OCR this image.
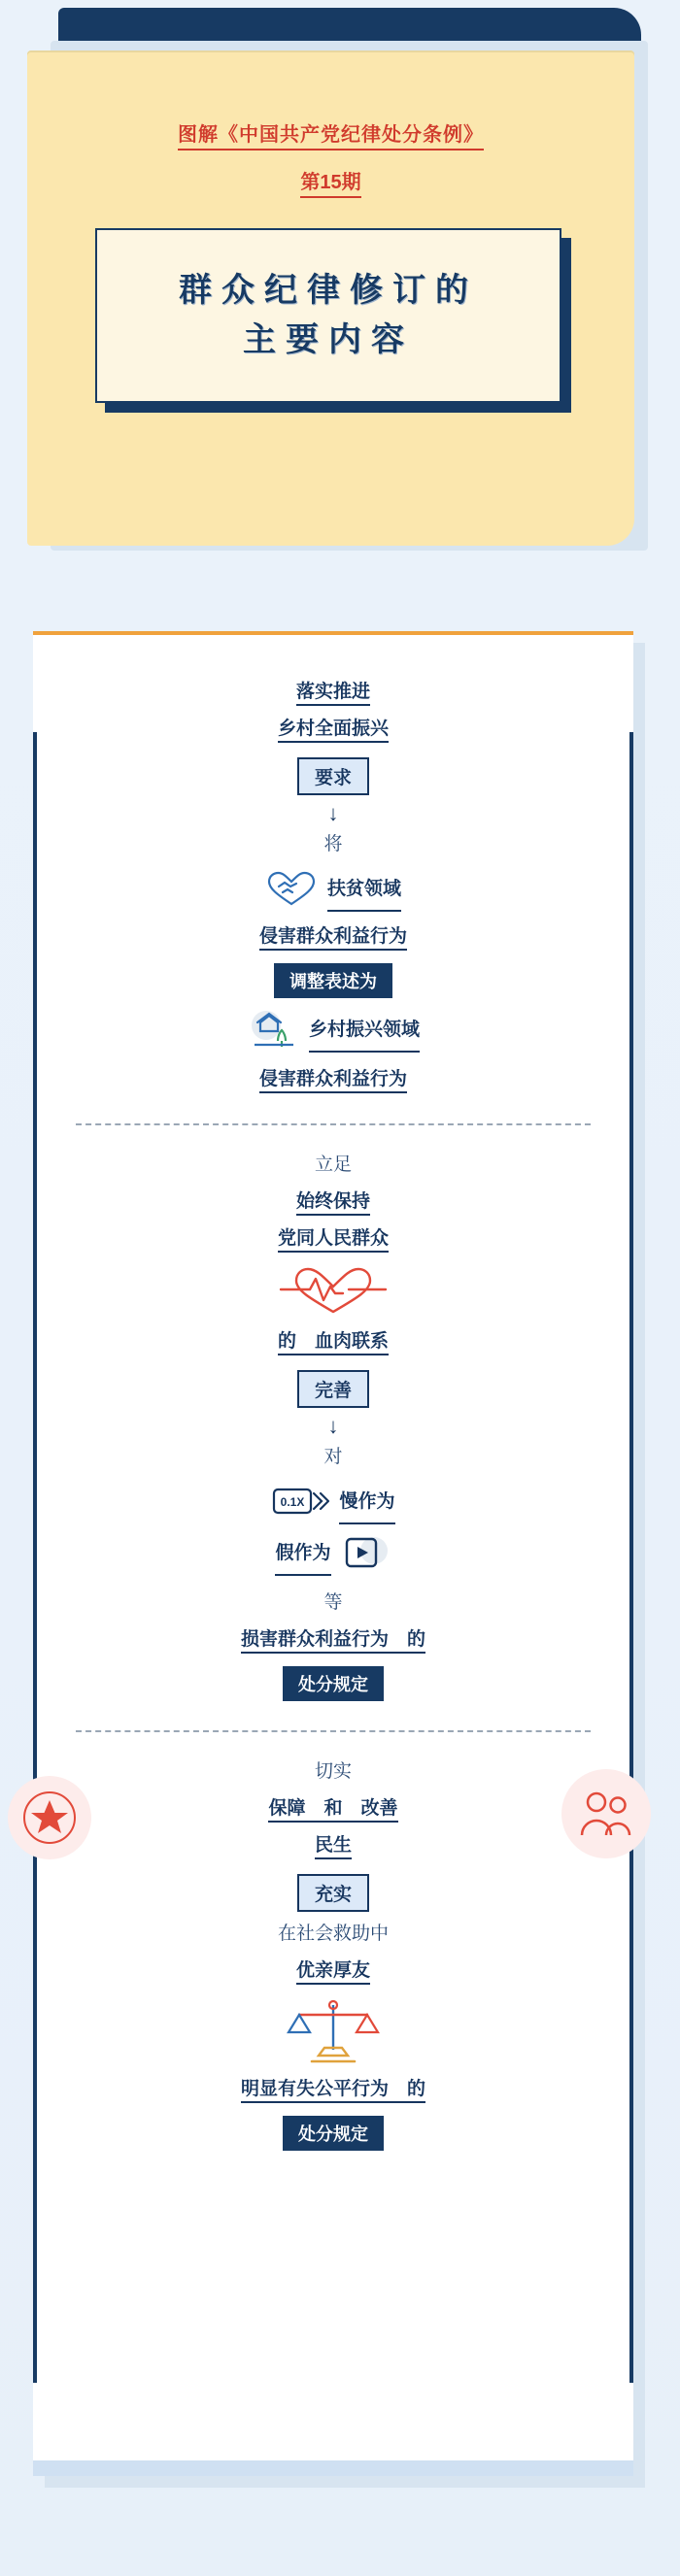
图解《中国共产党纪律处分条例》
第15期
群众纪律修订的
主要内容
落实推进
乡村全面振兴
要求
↓
将
扶贫领域
侵害群众利益行为
调整表述为
乡村振兴领域
侵害群众利益行为
立足
始终保持
党同人民群众
的　血肉联系
完善
↓
对
0.1X 慢作为
假作为
等
损害群众利益行为　的
处分规定
切实
保障　和　改善
民生
充实
在社会救助中
优亲厚友
明显有失公平行为　的
处分规定
